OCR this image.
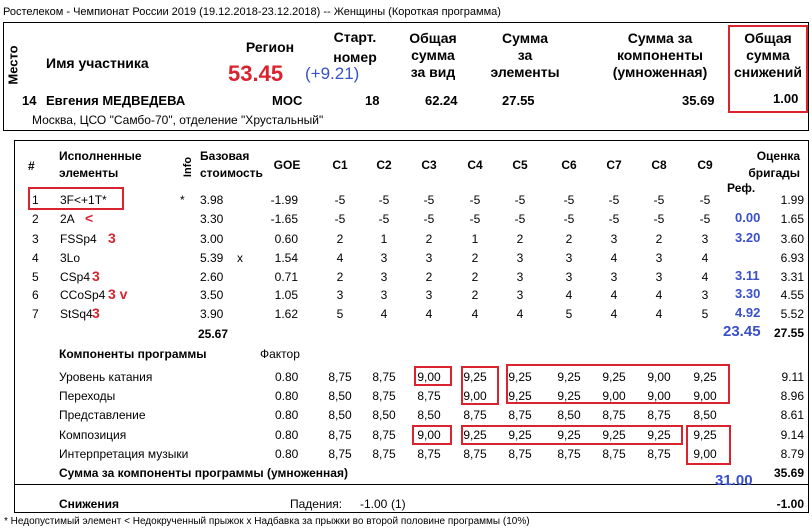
Ростелеком - Чемпионат России 2019 (19.12.2018-23.12.2018) -- Женщины (Короткая программа)
Место Имя участника
Регион
53.45 (+9.21)
Старт.
номер
Общая
сумма
за вид
Сумма
за
элементы
Сумма за
компоненты
(умноженная)
Общая
сумма
снижений
14 Евгения МЕДВЕДЕВА	МОС	18	62.24	27.55	35.69	1.00
Москва, ЦСО "Самбо-70", отделение "Хрустальный"
#
Исполненные
элементы	Info
Базовая
стоимость
GOE	C1	C2	C3	C4	C5	C6	C7	C8	C9
Оценка
бригады
Реф.
1 3F<+1T*	* 3.98	-1.99	-5	-5	-5	-5	-5	-5	-5	-5	-5	1.99
2 2A <	3.30	-1.65	-5	-5	-5	-5	-5	-5	-5	-5	-5	0.00	1.65
3 FSSp4 3	3.00	0.60	2	1	2	1	2	2	3	2	3	3.20	3.60
4 3Lo	5.39 x	1.54	4	3	3	2	3	3	4	3	4	6.93
5 CSp4 3	2.60	0.71	2	3	2	2	3	3	3	3	4	3.11	3.31
6 CCoSp4 3 v	3.50	1.05	3	3	3	2	3	4	4	4	3	3.30	4.55
7 StSq4 3	3.90	1.62	5	4	4	4	4	5	4	4	5	4.92	5.52
25.67	23.45	27.55
Компоненты программы	Фактор
Уровень катания	0.80	8,75	8,75	9,00	9,25	9,25	9,25	9,25	9,00	9,25	9.11
Переходы	0.80	8,50	8,75	8,75	9,00	9,25	9,25	9,00	9,00	9,00	8.96
Представление	0.80	8,50	8,50	8,50	8,75	8,75	8,50	8,75	8,75	8,50	8.61
Композиция	0.80	8,75	8,75	9,00	9,25	9,25	9,25	9,25	9,25	9,25	9.14
Интерпретация музыки	0.80	8,75	8,75	8,75	8,75	8,75	8,75	8,75	8,75	9,00	8.79
Сумма за компоненты программы (умноженная)	31.00	35.69
Снижения	Падения: -1.00 (1)	-1.00
* Недопустимый элемент < Недокрученный прыжок x Надбавка за прыжки во второй половине программы (10%)
